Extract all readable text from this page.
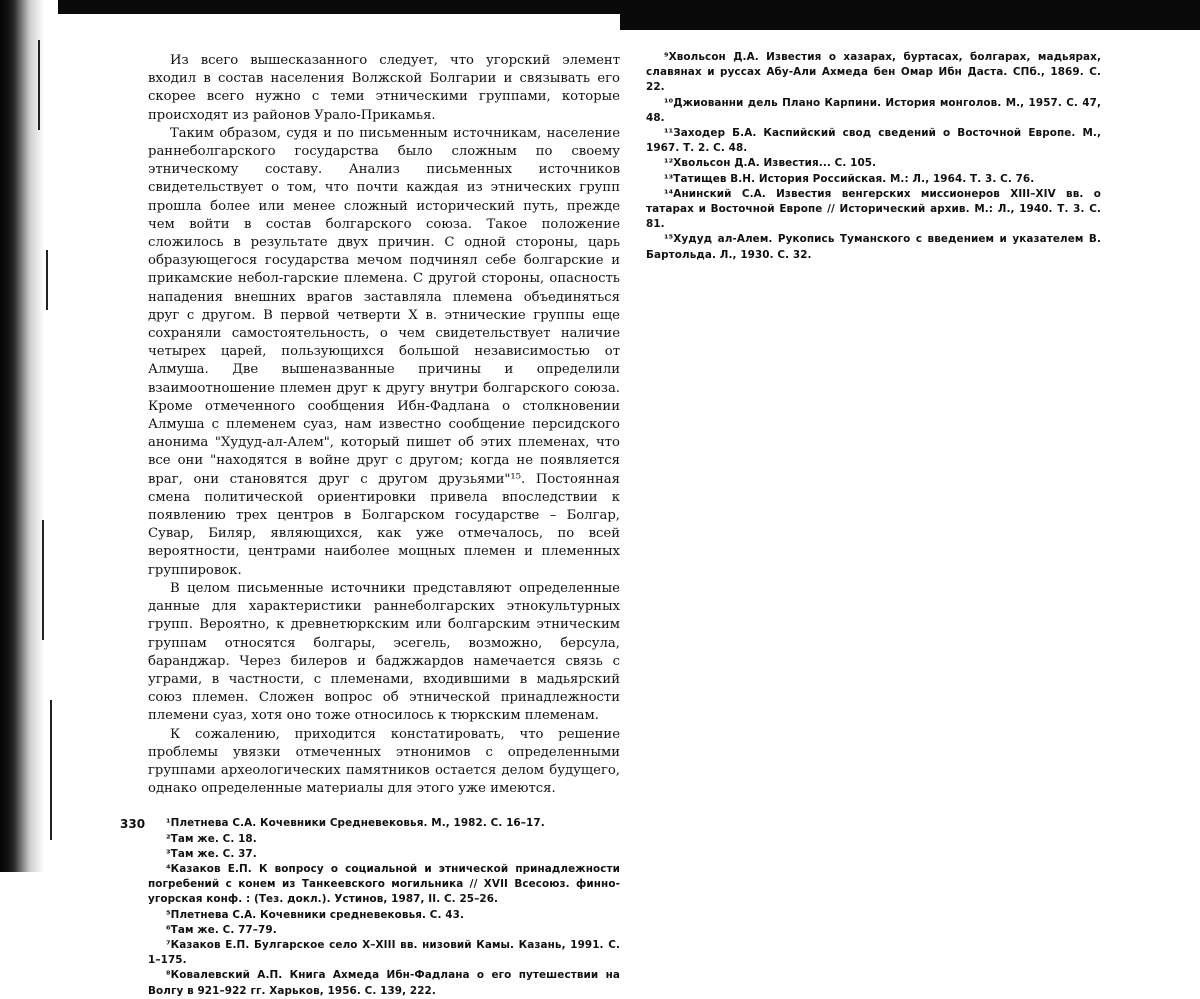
Из всего вышесказанного следует, что угорский элемент входил в состав населения Волжской Болгарии и связывать его скорее всего нужно с теми этническими группами, которые происходят из районов Урало-Прикамья.

Таким образом, судя и по письменным источникам, население раннеболгарского государства было сложным по своему этническому составу. Анализ письменных источников свидетельствует о том, что почти каждая из этнических групп прошла более или менее сложный исторический путь, прежде чем войти в состав болгарского союза. Такое положение сложилось в результате двух причин. С одной стороны, царь образующегося государства мечом подчинял себе болгарские и прикамские небол-гарские племена. С другой стороны, опасность нападения внешних врагов заставляла племена объединяться друг с другом. В первой четверти X в. этнические группы еще сохраняли самостоятельность, о чем свидетельствует наличие четырех царей, пользующихся большой независимостью от Алмуша. Две вышеназванные причины и определили взаимоотношение племен друг к другу внутри болгарского союза. Кроме отмеченного сообщения Ибн-Фадлана о столкновении Алмуша с племенем суаз, нам известно сообщение персидского анонима "Худуд-ал-Алем", который пишет об этих племенах, что все они "находятся в войне друг с другом; когда не появляется враг, они становятся друг с другом друзьями"¹⁵. Постоянная смена политической ориентировки привела впоследствии к появлению трех центров в Болгарском государстве – Болгар, Сувар, Биляр, являющихся, как уже отмечалось, по всей вероятности, центрами наиболее мощных племен и племенных группировок.

В целом письменные источники представляют определенные данные для характеристики раннеболгарских этнокультурных групп. Вероятно, к древнетюркским или болгарским этническим группам относятся болгары, эсегель, возможно, берсула, баранджар. Через билеров и баджжардов намечается связь с уграми, в частности, с племенами, входившими в мадьярский союз племен. Сложен вопрос об этнической принадлежности племени суаз, хотя оно тоже относилось к тюркским племенам.

К сожалению, приходится констатировать, что решение проблемы увязки отмеченных этнонимов с определенными группами археологических памятников остается делом будущего, однако определенные материалы для этого уже имеются.

¹Плетнева С.А. Кочевники Средневековья. М., 1982. С. 16–17.

²Там же. С. 18.

³Там же. С. 37.

⁴Казаков Е.П. К вопросу о социальной и этнической принадлежности погребений с конем из Танкеевского могильника // XVII Всесоюз. финно-угорская конф. : (Тез. докл.). Устинов, 1987, II. С. 25–26.

⁵Плетнева С.А. Кочевники средневековья. С. 43.

⁶Там же. С. 77–79.

⁷Казаков Е.П. Булгарское село X–XIII вв. низовий Камы. Казань, 1991. С. 1–175.

⁸Ковалевский А.П. Книга Ахмеда Ибн-Фадлана о его путешествии на Волгу в 921–922 гг. Харьков, 1956. С. 139, 222.

330

⁹Хвольсон Д.А. Известия о хазарах, буртасах, болгарах, мадьярах, славянах и руссах Абу-Али Ахмеда бен Омар Ибн Даста. СПб., 1869. С. 22.

¹⁰Джиованни дель Плано Карпини. История монголов. М., 1957. С. 47, 48.

¹¹Заходер Б.А. Каспийский свод сведений о Восточной Европе. М., 1967. Т. 2. С. 48.

¹²Хвольсон Д.А. Известия... С. 105.

¹³Татищев В.Н. История Российская. М.: Л., 1964. Т. 3. С. 76.

¹⁴Анинский С.А. Известия венгерских миссионеров XIII–XIV вв. о татарах и Восточной Европе // Исторический архив. М.: Л., 1940. Т. 3. С. 81.

¹⁵Худуд ал-Алем. Рукопись Туманского с введением и указателем В. Бартольда. Л., 1930. С. 32.
